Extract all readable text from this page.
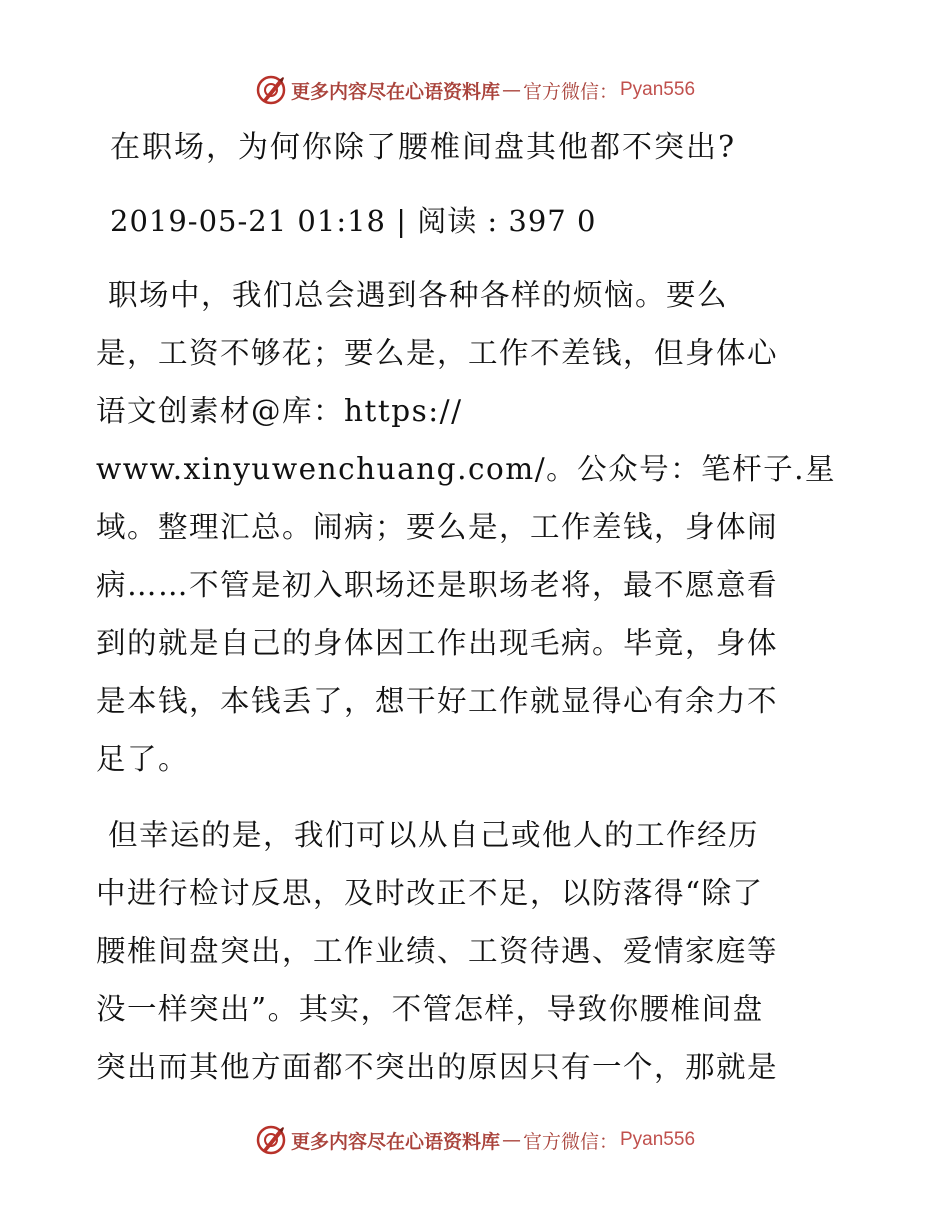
更多内容尽在心语资料库 — 官方微信： Pyan556
在职场，为何你除了腰椎间盘其他都不突出?
2019-05-21 01:18 | 阅读 : 397 0
职场中，我们总会遇到各种各样的烦恼。要么
是，工资不够花；要么是，工作不差钱，但身体心
语文创素材@库：https://
www.xinyuwenchuang.com/。公众号：笔杆子.星
域。整理汇总。闹病；要么是，工作差钱，身体闹
病……不管是初入职场还是职场老将，最不愿意看
到的就是自己的身体因工作出现毛病。毕竟，身体
是本钱，本钱丢了，想干好工作就显得心有余力不
足了。
但幸运的是，我们可以从自己或他人的工作经历
中进行检讨反思，及时改正不足，以防落得“除了
腰椎间盘突出，工作业绩、工资待遇、爱情家庭等
没一样突出”。其实，不管怎样，导致你腰椎间盘
突出而其他方面都不突出的原因只有一个，那就是
更多内容尽在心语资料库 — 官方微信： Pyan556
